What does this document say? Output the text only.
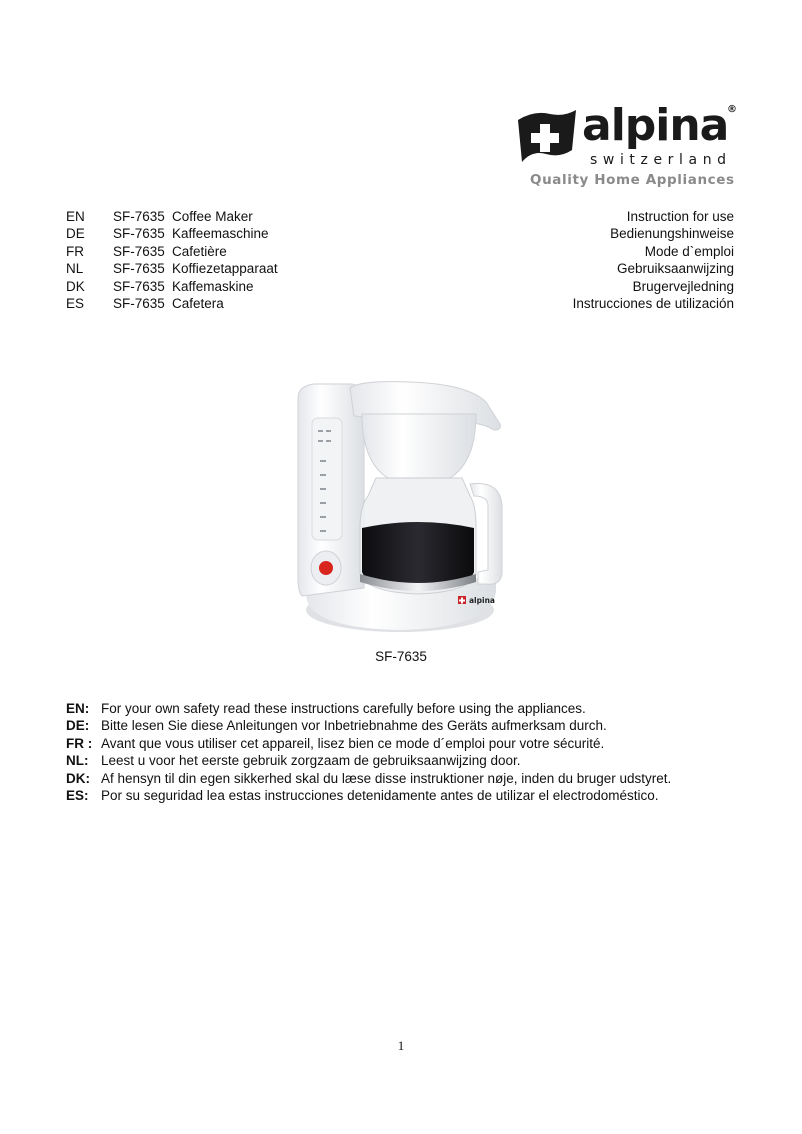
alpina
®
switzerland
Quality Home Appliances
EN SF-7635 Coffee Maker	Instruction for use
DE SF-7635 Kaffeemaschine	Bedienungshinweise
FR SF-7635 Cafetière	Mode d`emploi
NL SF-7635 Koffiezetapparaat	Gebruiksaanwijzing
DK SF-7635 Kaffemaskine	Brugervejledning
ES SF-7635 Cafetera	Instrucciones de utilización
alpina
SF-7635
EN: For your own safety read these instructions carefully before using the appliances.
DE: Bitte lesen Sie diese Anleitungen vor Inbetriebnahme des Geräts aufmerksam durch.
FR : Avant que vous utiliser cet appareil, lisez bien ce mode d´emploi pour votre sécurité.
NL: Leest u voor het eerste gebruik zorgzaam de gebruiksaanwijzing door.
DK: Af hensyn til din egen sikkerhed skal du læse disse instruktioner nøje, inden du bruger udstyret.
ES: Por su seguridad lea estas instrucciones detenidamente antes de utilizar el electrodoméstico.
1
